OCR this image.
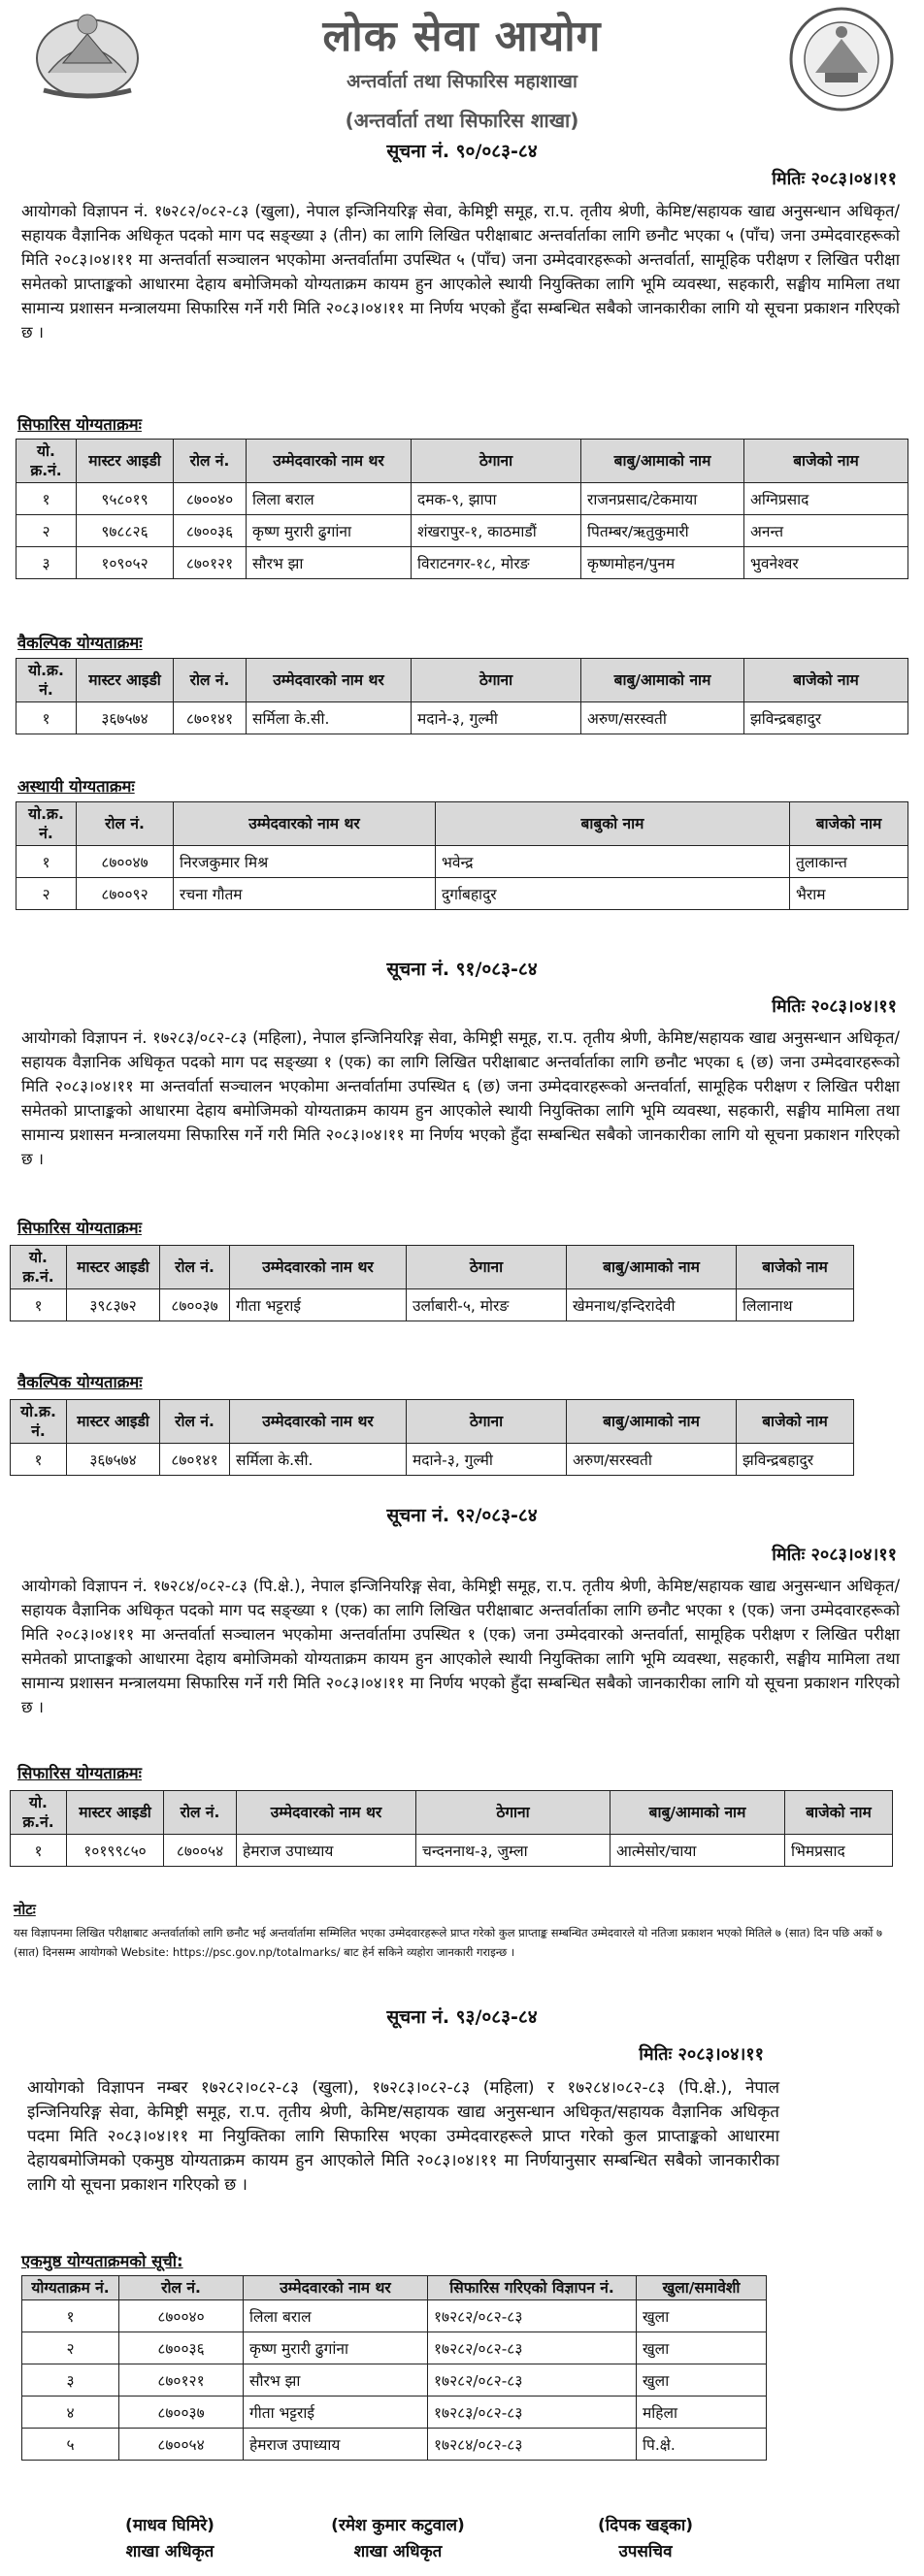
लोक सेवा आयोग
अन्तर्वार्ता तथा सिफारिस महाशाखा
(अन्तर्वार्ता तथा सिफारिस शाखा)
सूचना नं. ९०/०८३-८४
मितिः २०८३।०४।११
आयोगको विज्ञापन नं. १७२८२/०८२-८३ (खुला), नेपाल इन्जिनियरिङ्ग सेवा, केमिष्ट्री समूह, रा.प. तृतीय श्रेणी, केमिष्ट/सहायक खाद्य अनुसन्धान अधिकृत/सहायक वैज्ञानिक अधिकृत पदको माग पद सङ्ख्या ३ (तीन) का लागि लिखित परीक्षाबाट अन्तर्वार्ताका लागि छनौट भएका ५ (पाँच) जना उम्मेदवारहरूको मिति २०८३।०४।११ मा अन्तर्वार्ता सञ्चालन भएकोमा अन्तर्वार्तामा उपस्थित ५ (पाँच) जना उम्मेदवारहरूको अन्तर्वार्ता, सामूहिक परीक्षण र लिखित परीक्षा समेतको प्राप्ताङ्कको आधारमा देहाय बमोजिमको योग्यताक्रम कायम हुन आएकोले स्थायी नियुक्तिका लागि भूमि व्यवस्था, सहकारी, सङ्घीय मामिला तथा सामान्य प्रशासन मन्त्रालयमा सिफारिस गर्ने गरी मिति २०८३।०४।११ मा निर्णय भएको हुँदा सम्बन्धित सबैको जानकारीका लागि यो सूचना प्रकाशन गरिएको छ ।
सिफारिस योग्यताक्रमः
यो. क्र.नं.	मास्टर आइडी	रोल नं.	उम्मेदवारको नाम थर	ठेगाना	बाबु/आमाको नाम	बाजेको नाम
१	९५८०१९	८७००४०	लिला बराल	दमक-९, झापा	राजनप्रसाद/टेकमाया	अग्निप्रसाद
२	९७८८२६	८७००३६	कृष्ण मुरारी ढुगांना	शंखरापुर-१, काठमाडौं	पितम्बर/ऋतुकुमारी	अनन्त
३	१०९०५२	८७०१२१	सौरभ झा	विराटनगर-१८, मोरङ	कृष्णमोहन/पुनम	भुवनेश्वर
वैकल्पिक योग्यताक्रमः
यो.क्र. नं.	मास्टर आइडी	रोल नं.	उम्मेदवारको नाम थर	ठेगाना	बाबु/आमाको नाम	बाजेको नाम
१	३६७५७४	८७०१४१	सर्मिला के.सी.	मदाने-३, गुल्मी	अरुण/सरस्वती	झविन्द्रबहादुर
अस्थायी योग्यताक्रमः
यो.क्र. नं.	रोल नं.	उम्मेदवारको नाम थर	बाबुको नाम	बाजेको नाम
१	८७००४७	निरजकुमार मिश्र	भवेन्द्र	तुलाकान्त
२	८७००९२	रचना गौतम	दुर्गाबहादुर	भैराम
सूचना नं. ९१/०८३-८४
मितिः २०८३।०४।११
आयोगको विज्ञापन नं. १७२८३/०८२-८३ (महिला), नेपाल इन्जिनियरिङ्ग सेवा, केमिष्ट्री समूह, रा.प. तृतीय श्रेणी, केमिष्ट/सहायक खाद्य अनुसन्धान अधिकृत/सहायक वैज्ञानिक अधिकृत पदको माग पद सङ्ख्या १ (एक) का लागि लिखित परीक्षाबाट अन्तर्वार्ताका लागि छनौट भएका ६ (छ) जना उम्मेदवारहरूको मिति २०८३।०४।११ मा अन्तर्वार्ता सञ्चालन भएकोमा अन्तर्वार्तामा उपस्थित ६ (छ) जना उम्मेदवारहरूको अन्तर्वार्ता, सामूहिक परीक्षण र लिखित परीक्षा समेतको प्राप्ताङ्कको आधारमा देहाय बमोजिमको योग्यताक्रम कायम हुन आएकोले स्थायी नियुक्तिका लागि भूमि व्यवस्था, सहकारी, सङ्घीय मामिला तथा सामान्य प्रशासन मन्त्रालयमा सिफारिस गर्ने गरी मिति २०८३।०४।११ मा निर्णय भएको हुँदा सम्बन्धित सबैको जानकारीका लागि यो सूचना प्रकाशन गरिएको छ ।
सिफारिस योग्यताक्रमः
यो. क्र.नं.	मास्टर आइडी	रोल नं.	उम्मेदवारको नाम थर	ठेगाना	बाबु/आमाको नाम	बाजेको नाम
१	३९८३७२	८७००३७	गीता भट्टराई	उर्लाबारी-५, मोरङ	खेमनाथ/इन्दिरादेवी	लिलानाथ
वैकल्पिक योग्यताक्रमः
यो.क्र. नं.	मास्टर आइडी	रोल नं.	उम्मेदवारको नाम थर	ठेगाना	बाबु/आमाको नाम	बाजेको नाम
१	३६७५७४	८७०१४१	सर्मिला के.सी.	मदाने-३, गुल्मी	अरुण/सरस्वती	झविन्द्रबहादुर
सूचना नं. ९२/०८३-८४
मितिः २०८३।०४।११
आयोगको विज्ञापन नं. १७२८४/०८२-८३ (पि.क्षे.), नेपाल इन्जिनियरिङ्ग सेवा, केमिष्ट्री समूह, रा.प. तृतीय श्रेणी, केमिष्ट/सहायक खाद्य अनुसन्धान अधिकृत/सहायक वैज्ञानिक अधिकृत पदको माग पद सङ्ख्या १ (एक) का लागि लिखित परीक्षाबाट अन्तर्वार्ताका लागि छनौट भएका १ (एक) जना उम्मेदवारहरूको मिति २०८३।०४।११ मा अन्तर्वार्ता सञ्चालन भएकोमा अन्तर्वार्तामा उपस्थित १ (एक) जना उम्मेदवारको अन्तर्वार्ता, सामूहिक परीक्षण र लिखित परीक्षा समेतको प्राप्ताङ्कको आधारमा देहाय बमोजिमको योग्यताक्रम कायम हुन आएकोले स्थायी नियुक्तिका लागि भूमि व्यवस्था, सहकारी, सङ्घीय मामिला तथा सामान्य प्रशासन मन्त्रालयमा सिफारिस गर्ने गरी मिति २०८३।०४।११ मा निर्णय भएको हुँदा सम्बन्धित सबैको जानकारीका लागि यो सूचना प्रकाशन गरिएको छ ।
सिफारिस योग्यताक्रमः
यो. क्र.नं.	मास्टर आइडी	रोल नं.	उम्मेदवारको नाम थर	ठेगाना	बाबु/आमाको नाम	बाजेको नाम
१	१०१९९८५०	८७००५४	हेमराज उपाध्याय	चन्दननाथ-३, जुम्ला	आत्मेसोर/चाया	भिमप्रसाद
नोटः
यस विज्ञापनमा लिखित परीक्षाबाट अन्तर्वार्ताको लागि छनौट भई अन्तर्वार्तामा सम्मिलित भएका उम्मेदवारहरूले प्राप्त गरेको कुल प्राप्ताङ्क सम्बन्धित उम्मेदवारले यो नतिजा प्रकाशन भएको मितिले ७ (सात) दिन पछि अर्को ७ (सात) दिनसम्म आयोगको Website: https://psc.gov.np/totalmarks/ बाट हेर्न सकिने व्यहोरा जानकारी गराइन्छ ।
सूचना नं. ९३/०८३-८४
मितिः २०८३।०४।११
आयोगको विज्ञापन नम्बर १७२८२।०८२-८३ (खुला), १७२८३।०८२-८३ (महिला) र १७२८४।०८२-८३ (पि.क्षे.), नेपाल इन्जिनियरिङ्ग सेवा, केमिष्ट्री समूह, रा.प. तृतीय श्रेणी, केमिष्ट/सहायक खाद्य अनुसन्धान अधिकृत/सहायक वैज्ञानिक अधिकृत पदमा मिति २०८३।०४।११ मा नियुक्तिका लागि सिफारिस भएका उम्मेदवारहरूले प्राप्त गरेको कुल प्राप्ताङ्कको आधारमा देहायबमोजिमको एकमुष्ठ योग्यताक्रम कायम हुन आएकोले मिति २०८३।०४।११ मा निर्णयानुसार सम्बन्धित सबैको जानकारीका लागि यो सूचना प्रकाशन गरिएको छ ।
एकमुष्ठ योग्यताक्रमको सूची:
योग्यताक्रम नं.	रोल नं.	उम्मेदवारको नाम थर	सिफारिस गरिएको विज्ञापन नं.	खुला/समावेशी
१	८७००४०	लिला बराल	१७२८२/०८२-८३	खुला
२	८७००३६	कृष्ण मुरारी ढुगांना	१७२८२/०८२-८३	खुला
३	८७०१२१	सौरभ झा	१७२८२/०८२-८३	खुला
४	८७००३७	गीता भट्टराई	१७२८३/०८२-८३	महिला
५	८७००५४	हेमराज उपाध्याय	१७२८४/०८२-८३	पि.क्षे.
(माधव घिमिरे)
शाखा अधिकृत
(रमेश कुमार कटुवाल)
शाखा अधिकृत
(दिपक खड्का)
उपसचिव
